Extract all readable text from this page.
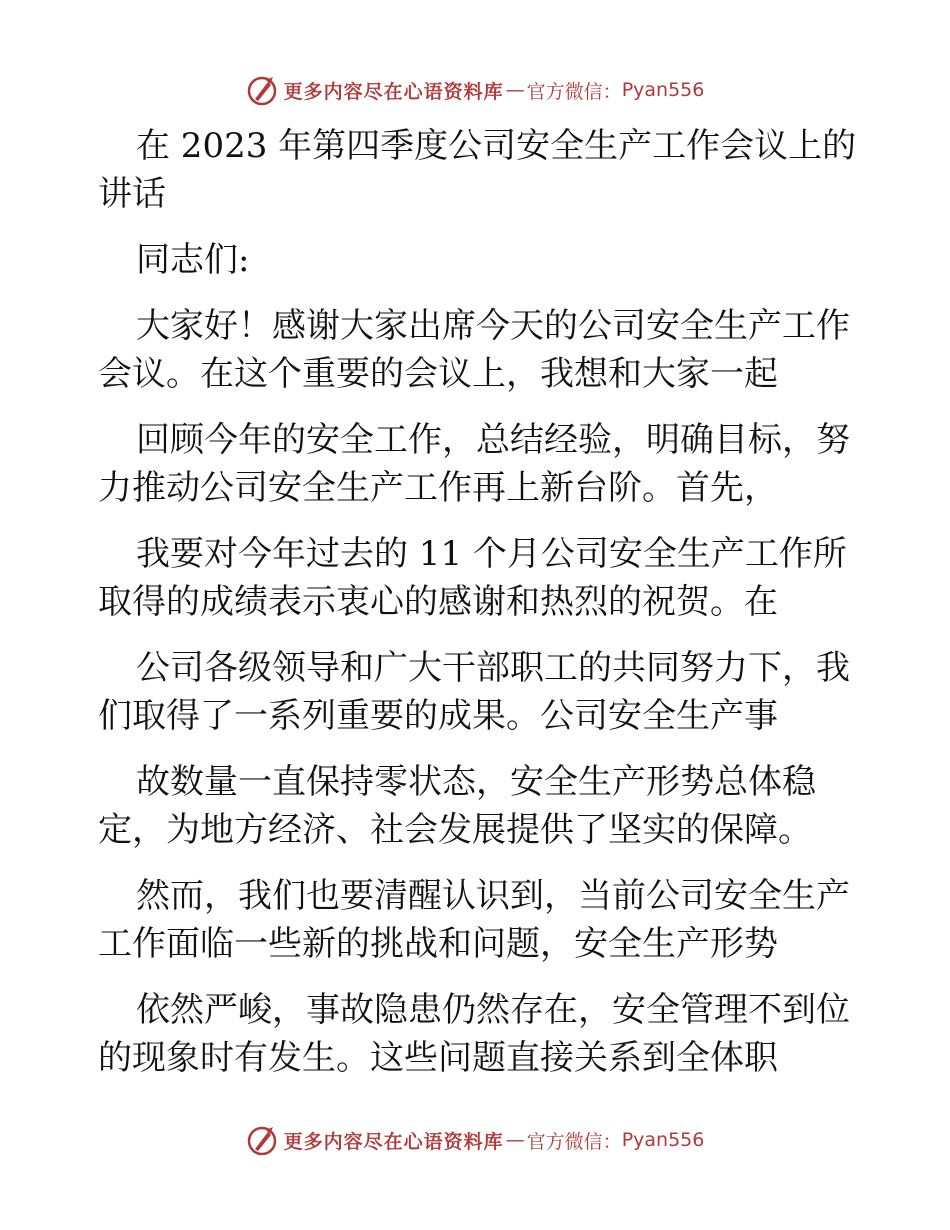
更多内容尽在心语资料库 — 官方微信： Pyan556
在 2023 年第四季度公司安全生产工作会议上的
讲话
同志们:
大家好！感谢大家出席今天的公司安全生产工作
会议。在这个重要的会议上，我想和大家一起
回顾今年的安全工作，总结经验，明确目标，努
力推动公司安全生产工作再上新台阶。首先，
我要对今年过去的 11 个月公司安全生产工作所
取得的成绩表示衷心的感谢和热烈的祝贺。在
公司各级领导和广大干部职工的共同努力下，我
们取得了一系列重要的成果。公司安全生产事
故数量一直保持零状态，安全生产形势总体稳
定，为地方经济、社会发展提供了坚实的保障。
然而，我们也要清醒认识到，当前公司安全生产
工作面临一些新的挑战和问题，安全生产形势
依然严峻，事故隐患仍然存在，安全管理不到位
的现象时有发生。这些问题直接关系到全体职
更多内容尽在心语资料库 — 官方微信： Pyan556
